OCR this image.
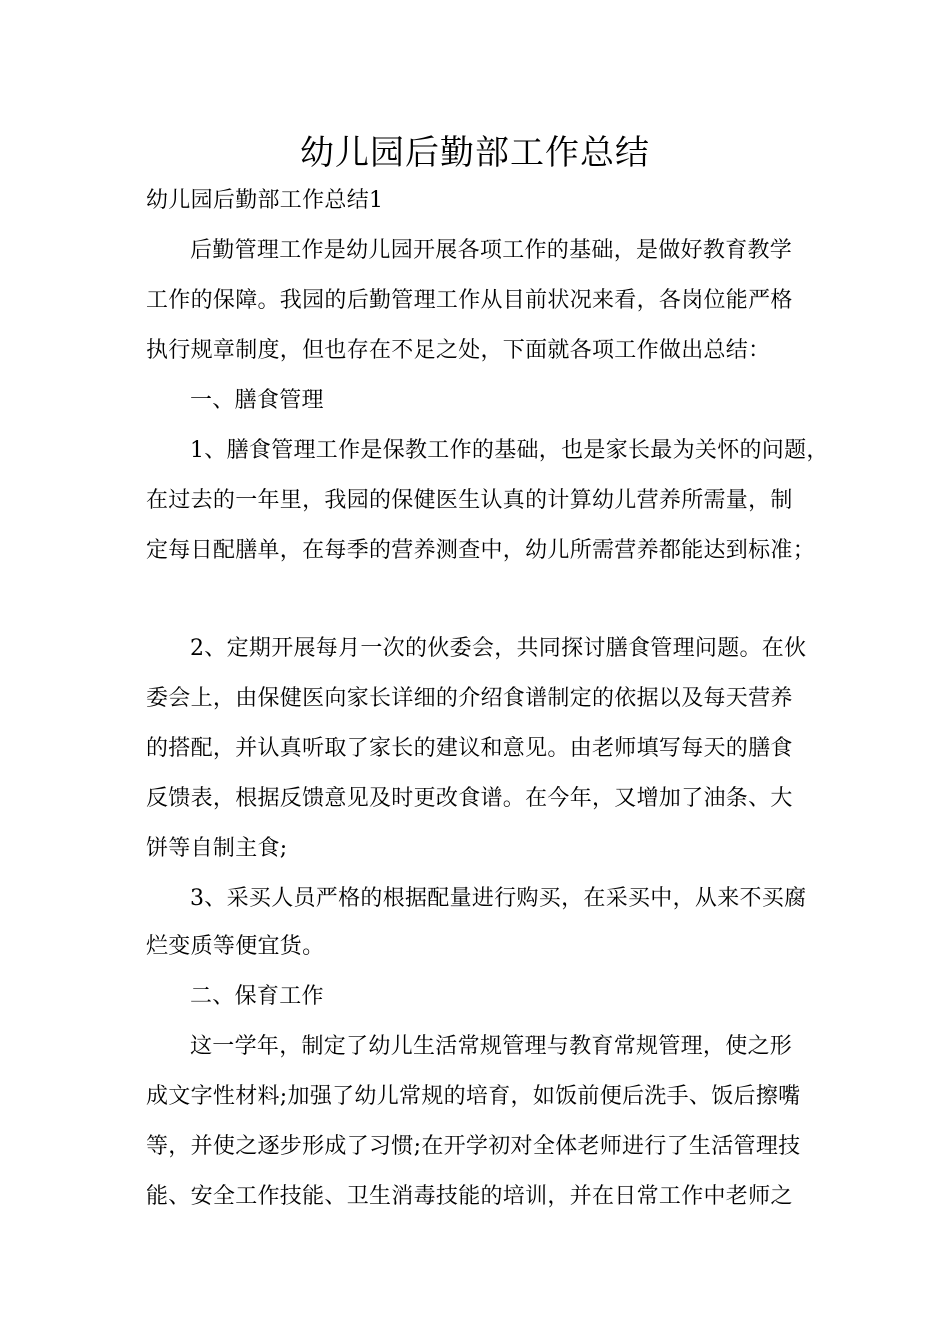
幼儿园后勤部工作总结
幼儿园后勤部工作总结1
后勤管理工作是幼儿园开展各项工作的基础，是做好教育教学
工作的保障。我园的后勤管理工作从目前状况来看，各岗位能严格
执行规章制度，但也存在不足之处，下面就各项工作做出总结：
一、膳食管理
1、膳食管理工作是保教工作的基础，也是家长最为关怀的问题，
在过去的一年里，我园的保健医生认真的计算幼儿营养所需量，制
定每日配膳单，在每季的营养测查中，幼儿所需营养都能达到标准；
2、定期开展每月一次的伙委会，共同探讨膳食管理问题。在伙
委会上，由保健医向家长详细的介绍食谱制定的依据以及每天营养
的搭配，并认真听取了家长的建议和意见。由老师填写每天的膳食
反馈表，根据反馈意见及时更改食谱。在今年，又增加了油条、大
饼等自制主食;
3、采买人员严格的根据配量进行购买，在采买中，从来不买腐
烂变质等便宜货。
二、保育工作
这一学年，制定了幼儿生活常规管理与教育常规管理，使之形
成文字性材料;加强了幼儿常规的培育，如饭前便后洗手、饭后擦嘴
等，并使之逐步形成了习惯;在开学初对全体老师进行了生活管理技
能、安全工作技能、卫生消毒技能的培训，并在日常工作中老师之
